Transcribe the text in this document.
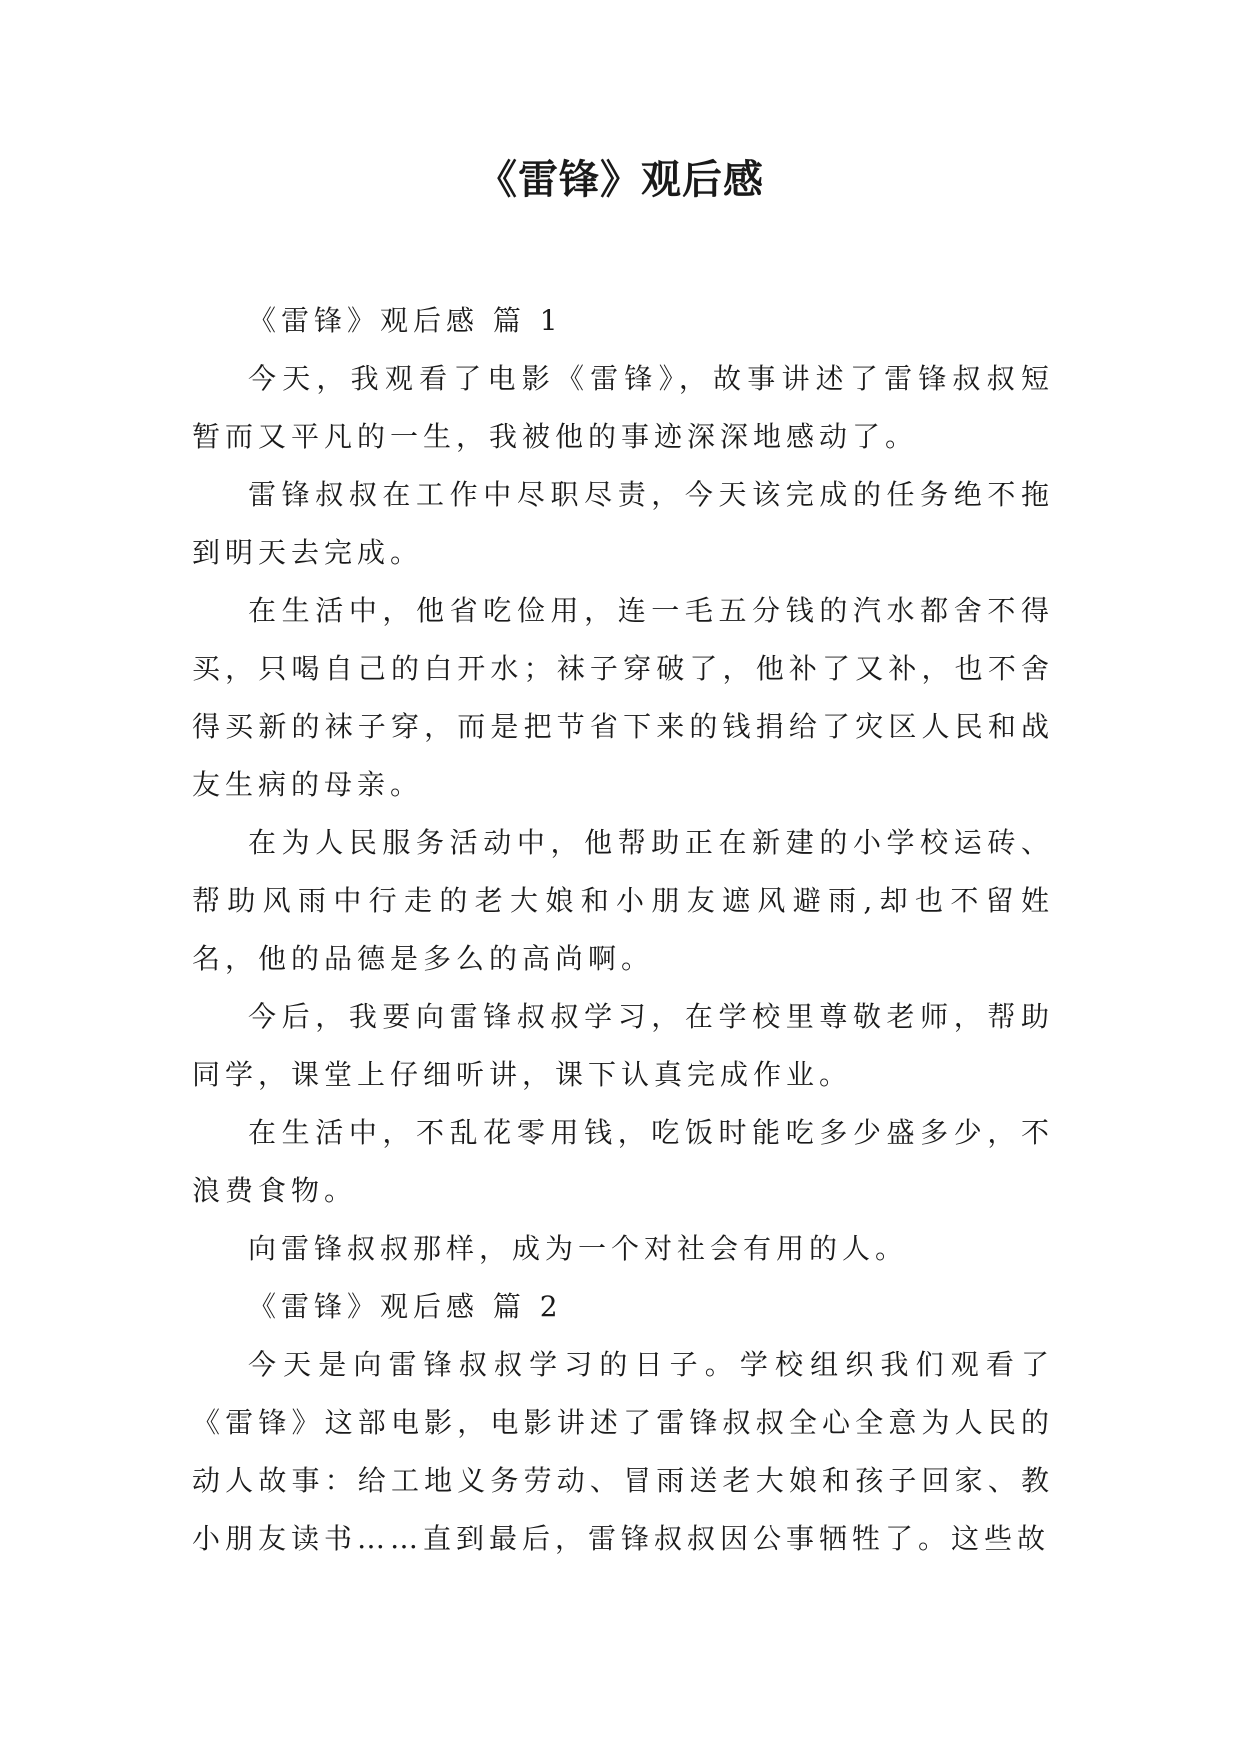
《雷锋》观后感

《雷锋》观后感 篇 1

今天，我观看了电影《雷锋》，故事讲述了雷锋叔叔短暂而又平凡的一生，我被他的事迹深深地感动了。

雷锋叔叔在工作中尽职尽责，今天该完成的任务绝不拖到明天去完成。

在生活中，他省吃俭用，连一毛五分钱的汽水都舍不得买，只喝自己的白开水；袜子穿破了，他补了又补，也不舍得买新的袜子穿，而是把节省下来的钱捐给了灾区人民和战友生病的母亲。

在为人民服务活动中，他帮助正在新建的小学校运砖、帮助风雨中行走的老大娘和小朋友遮风避雨,却也不留姓名，他的品德是多么的高尚啊。

今后，我要向雷锋叔叔学习，在学校里尊敬老师，帮助同学，课堂上仔细听讲，课下认真完成作业。

在生活中，不乱花零用钱，吃饭时能吃多少盛多少，不浪费食物。

向雷锋叔叔那样，成为一个对社会有用的人。

《雷锋》观后感 篇 2

今天是向雷锋叔叔学习的日子。学校组织我们观看了《雷锋》这部电影，电影讲述了雷锋叔叔全心全意为人民的动人故事：给工地义务劳动、冒雨送老大娘和孩子回家、教小朋友读书……直到最后，雷锋叔叔因公事牺牲了。这些故
